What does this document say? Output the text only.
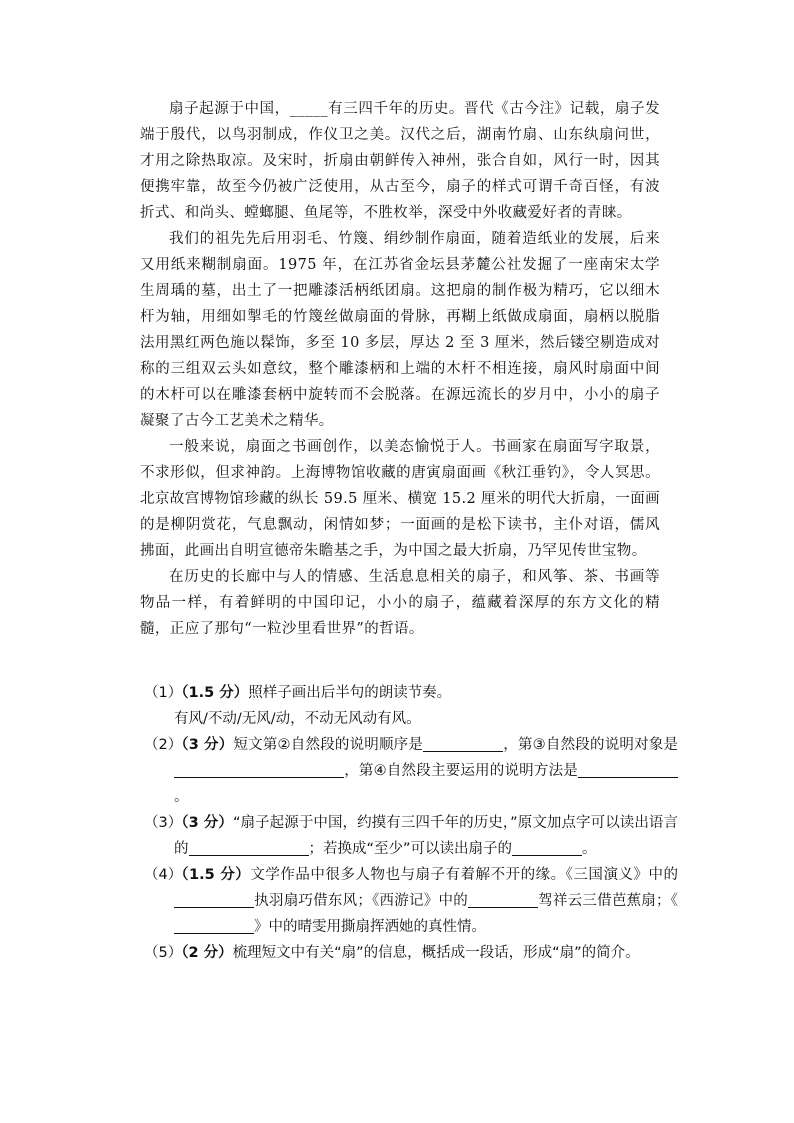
扇子起源于中国，_____有三四千年的历史。晋代《古今注》记载，扇子发端于殷代，以鸟羽制成，作仪卫之美。汉代之后，湖南竹扇、山东纨扇问世，才用之除热取凉。及宋时，折扇由朝鲜传入神州，张合自如，风行一时，因其便携牢靠，故至今仍被广泛使用，从古至今，扇子的样式可谓千奇百怪，有波折式、和尚头、螳螂腿、鱼尾等，不胜枚举，深受中外收藏爱好者的青睐。

我们的祖先先后用羽毛、竹篾、绢纱制作扇面，随着造纸业的发展，后来又用纸来糊制扇面。1975 年，在江苏省金坛县茅麓公社发掘了一座南宋太学生周瑀的墓，出土了一把雕漆活柄纸团扇。这把扇的制作极为精巧，它以细木杆为轴，用细如掣毛的竹篾丝做扇面的骨脉，再糊上纸做成扇面，扇柄以脱脂法用黑红两色施以髹饰，多至 10 多层，厚达 2 至 3 厘米，然后镂空剔造成对称的三组双云头如意纹，整个雕漆柄和上端的木杆不相连接，扇风时扇面中间的木杆可以在雕漆套柄中旋转而不会脱落。在源远流长的岁月中，小小的扇子凝聚了古今工艺美术之精华。

一般来说，扇面之书画创作，以美态愉悦于人。书画家在扇面写字取景，不求形似，但求神韵。上海博物馆收藏的唐寅扇面画《秋江垂钓》，令人冥思。北京故宫博物馆珍藏的纵长 59.5 厘米、横宽 15.2 厘米的明代大折扇，一面画的是柳阴赏花，气息飘动，闲情如梦；一面画的是松下读书，主仆对语，儒风拂面，此画出自明宣德帝朱瞻基之手，为中国之最大折扇，乃罕见传世宝物。

在历史的长廊中与人的情感、生活息息相关的扇子，和风筝、茶、书画等物品一样，有着鲜明的中国印记，小小的扇子，蕴藏着深厚的东方文化的精髓，正应了那句“一粒沙里看世界”的哲语。

（1）
（1.5 分）照样子画出后半句的朗读节奏。
有风/不动/无风/动，不动无风动有风。
（2）
（3 分）短文第②自然段的说明顺序是	，第③自然段的说明对象是，第④自然段主要运用的说明方法是。
（3）
（3 分）“扇子起源于中国，约摸有三四千年的历史，”原文加点字可以读出语言的	；若换成“至少”可以读出扇子的	。
（4）
（1.5 分）文学作品中很多人物也与扇子有着解不开的缘。《三国演义》中的执羽扇巧借东风；《西游记》中的	驾祥云三借芭蕉扇；《》中的晴雯用撕扇挥洒她的真性情。
（5）
（2 分）梳理短文中有关“扇”的信息，概括成一段话，形成“扇”的简介。
